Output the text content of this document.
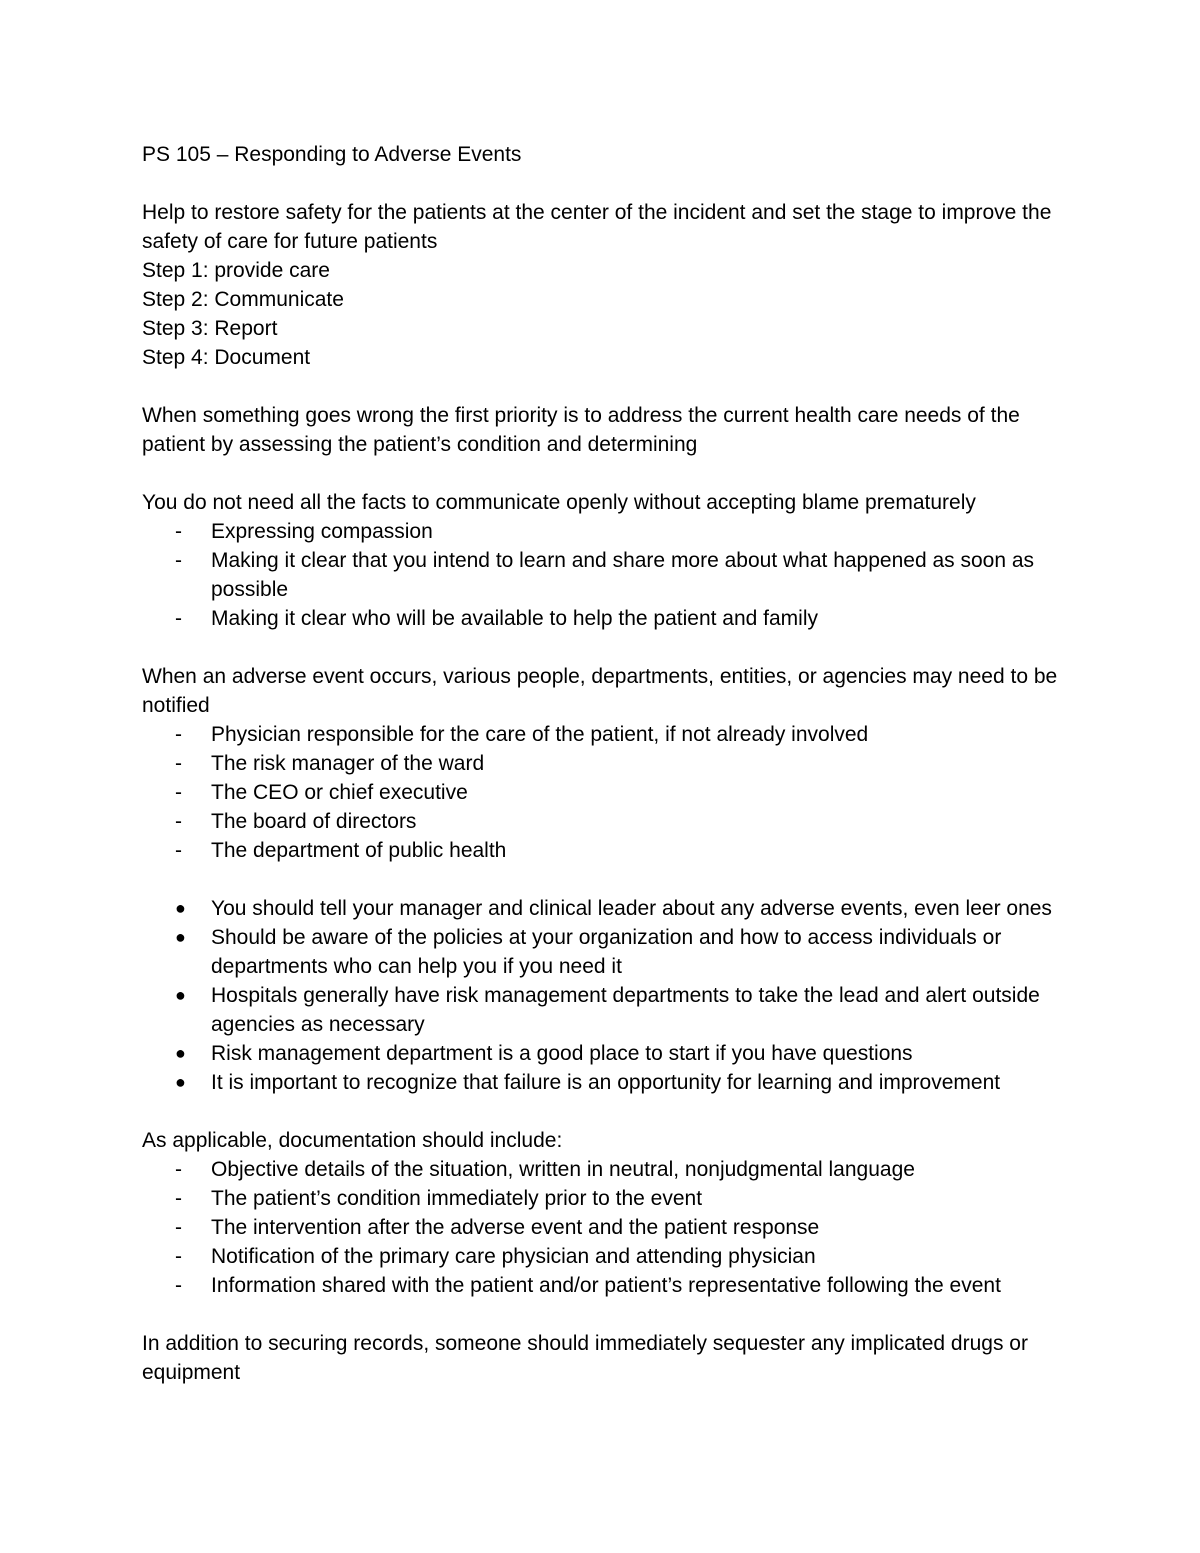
PS 105 – Responding to Adverse Events

Help to restore safety for the patients at the center of the incident and set the stage to improve the safety of care for future patients

Step 1: provide care

Step 2: Communicate

Step 3: Report

Step 4: Document

When something goes wrong the first priority is to address the current health care needs of the patient by assessing the patient’s condition and determining

You do not need all the facts to communicate openly without accepting blame prematurely

-	Expressing compassion
-	Making it clear that you intend to learn and share more about what happened as soon as possible
-	Making it clear who will be available to help the patient and family

When an adverse event occurs, various people, departments, entities, or agencies may need to be notified

-	Physician responsible for the care of the patient, if not already involved
-	The risk manager of the ward
-	The CEO or chief executive
-	The board of directors
-	The department of public health
●	You should tell your manager and clinical leader about any adverse events, even leer ones
●	Should be aware of the policies at your organization and how to access individuals or departments who can help you if you need it
●	Hospitals generally have risk management departments to take the lead and alert outside agencies as necessary
●	Risk management department is a good place to start if you have questions
●	It is important to recognize that failure is an opportunity for learning and improvement

As applicable, documentation should include:

-	Objective details of the situation, written in neutral, nonjudgmental language
-	The patient’s condition immediately prior to the event
-	The intervention after the adverse event and the patient response
-	Notification of the primary care physician and attending physician
-	Information shared with the patient and/or patient’s representative following the event

In addition to securing records, someone should immediately sequester any implicated drugs or equipment
